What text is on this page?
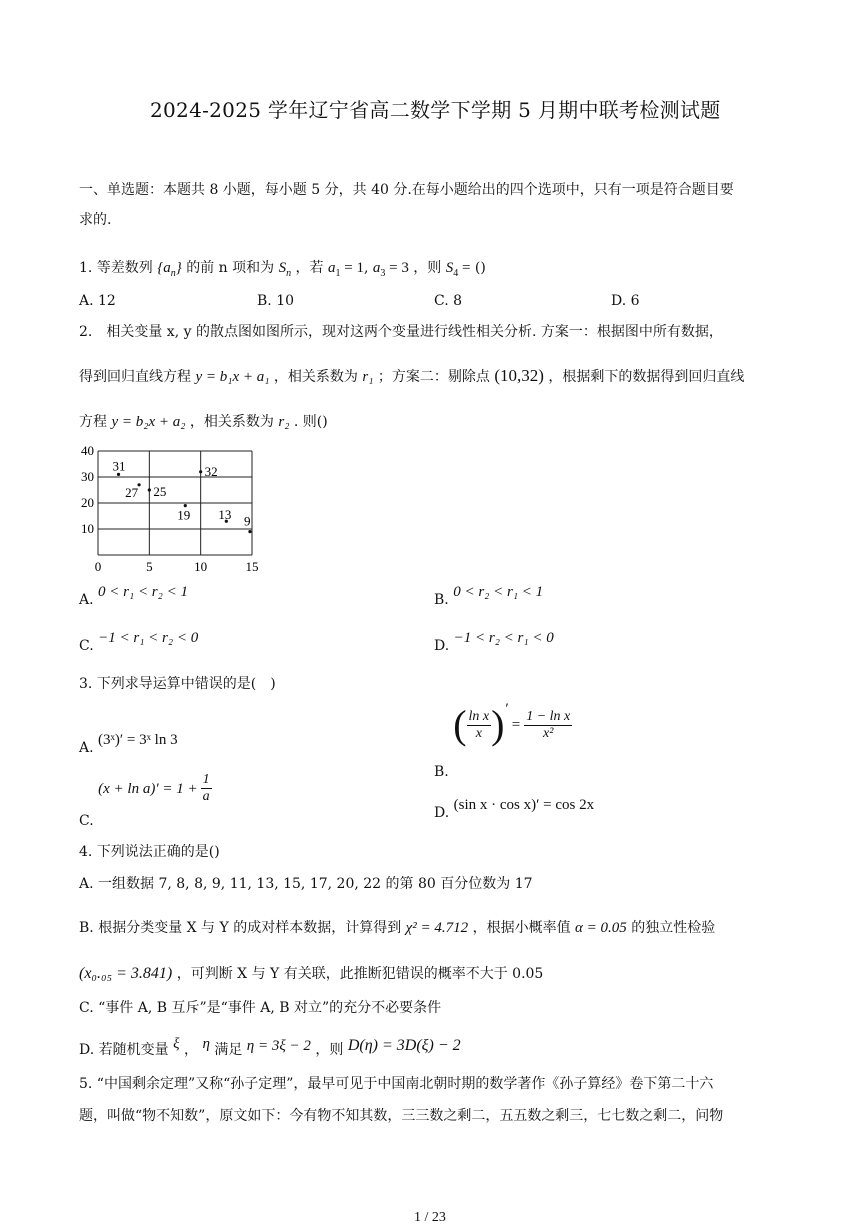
2024-2025 学年辽宁省高二数学下学期 5 月期中联考检测试题
一、单选题：本题共 8 小题，每小题 5 分，共 40 分.在每小题给出的四个选项中，只有一项是符合题目要
求的.
1. 等差数列 $\{a_n\}$ 的前 n 项和为 $S_n$ ，若 $a_1 = 1$, $a_3 = 3$ ，则 $S_4$ = ()
A. 12	B. 10	C. 8	D. 6
2.　相关变量 x, y 的散点图如图所示，现对这两个变量进行线性相关分析. 方案一：根据图中所有数据，
得到回归直线方程 y = b₁x + a₁ ，相关系数为 r₁ ；方案二：剔除点 (10,32) ，根据剩下的数据得到回归直线
方程 y = b₂x + a₂ ，相关系数为 r₂ . 则()
0	5	10	15
10
20
30
40
31
27 25
32
19 13 9
A. 0 < r₁ < r₂ < 1	B. 0 < r₂ < r₁ < 1
C. −1 < r₁ < r₂ < 0	D. −1 < r₂ < r₁ < 0
3. 下列求导运算中错误的是(　)
A. (3ˣ)′ = 3ˣ ln 3
B.
( $\frac{\text{ln x}}{x}$ ) ′
= $\frac{\text{1 − ln x}}{\text{x²}}$
C.
$(x + \ln a)' = 1 + \frac{1}{a}$
D. (sin x · cos x)′ = cos 2x
4. 下列说法正确的是()
A. 一组数据 7, 8, 8, 9, 11, 13, 15, 17, 20, 22 的第 80 百分位数为 17
B. 根据分类变量 X 与 Y 的成对样本数据，计算得到 χ² = 4.712 ，根据小概率值 α = 0.05 的独立性检验
(x₀.₀₅ = 3.841) ，可判断 X 与 Y 有关联，此推断犯错误的概率不大于 0.05
C. “事件 A, B 互斥”是“事件 A, B 对立”的充分不必要条件
D. 若随机变量 ξ ， η 满足 η = 3ξ − 2 ，则 D(η) = 3D(ξ) − 2
5. “中国剩余定理”又称“孙子定理”，最早可见于中国南北朝时期的数学著作《孙子算经》卷下第二十六
题，叫做“物不知数”，原文如下：今有物不知其数，三三数之剩二，五五数之剩三，七七数之剩二，问物
1 / 23
